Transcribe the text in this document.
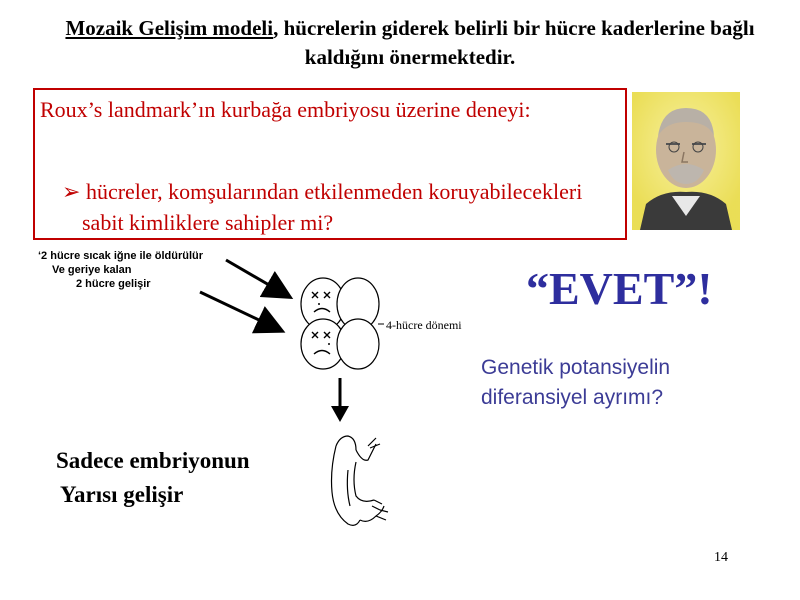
Mozaik Gelişim modeli, hücrelerin giderek belirli bir hücre kaderlerine bağlı kaldığını önermektedir.
Roux’s landmark’ın kurbağa embriyosu üzerine deneyi:
➢ hücreler, komşularından etkilenmeden koruyabilecekleri sabit kimliklere sahipler mi?
‘2 hücre sıcak iğne ile öldürülür
Ve geriye kalan
2 hücre gelişir
4-hücre dönemi
“EVET”!
Genetik potansiyelin
diferansiyel ayrımı?
Sadece embriyonun
Yarısı gelişir
14
